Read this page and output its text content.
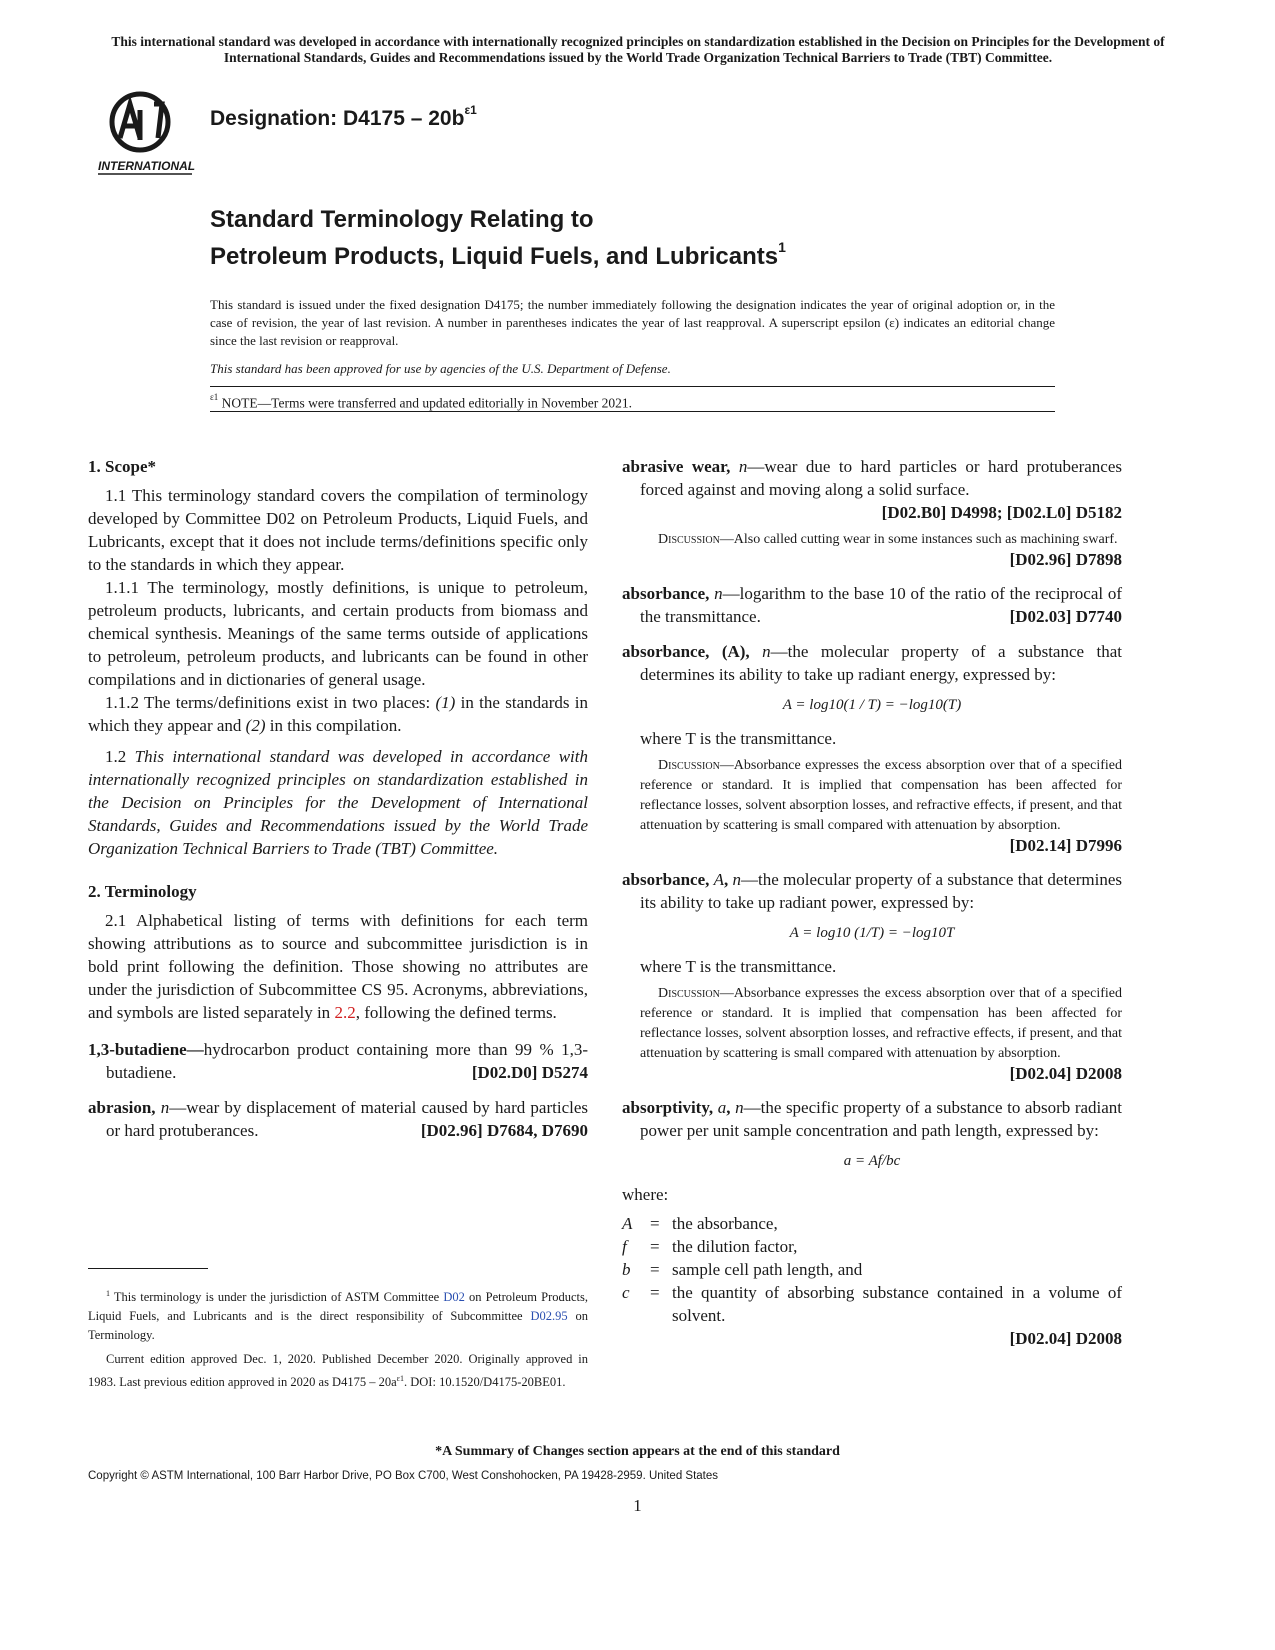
This international standard was developed in accordance with internationally recognized principles on standardization established in the Decision on Principles for the Development of International Standards, Guides and Recommendations issued by the World Trade Organization Technical Barriers to Trade (TBT) Committee.
INTERNATIONAL
Designation: $D4175 - 20b^{\varepsilon 1}$
Standard Terminology Relating to
Petroleum Products, Liquid Fuels, and Lubricants$^1$
This standard is issued under the fixed designation D4175; the number immediately following the designation indicates the year of original adoption or, in the case of revision, the year of last revision. A number in parentheses indicates the year of last reapproval. A superscript epsilon (ε) indicates an editorial change since the last revision or reapproval.
This standard has been approved for use by agencies of the U.S. Department of Defense.
$^{\varepsilon 1}$ NOTE—Terms were transferred and updated editorially in November 2021.
1. Scope*

1.1 This terminology standard covers the compilation of terminology developed by Committee D02 on Petroleum Products, Liquid Fuels, and Lubricants, except that it does not include terms/definitions specific only to the standards in which they appear.

1.1.1 The terminology, mostly definitions, is unique to petroleum, petroleum products, lubricants, and certain products from biomass and chemical synthesis. Meanings of the same terms outside of applications to petroleum, petroleum products, and lubricants can be found in other compilations and in dictionaries of general usage.

1.1.2 The terms/definitions exist in two places: (1) in the standards in which they appear and (2) in this compilation.

1.2 This international standard was developed in accordance with internationally recognized principles on standardization established in the Decision on Principles for the Development of International Standards, Guides and Recommendations issued by the World Trade Organization Technical Barriers to Trade (TBT) Committee.

2. Terminology

2.1 Alphabetical listing of terms with definitions for each term showing attributions as to source and subcommittee jurisdiction is in bold print following the definition. Those showing no attributes are under the jurisdiction of Subcommittee CS 95. Acronyms, abbreviations, and symbols are listed separately in 2.2, following the defined terms.

1,3-butadiene—hydrocarbon product containing more than 99 % 1,3-butadiene.	[D02.D0] D5274
abrasion, n—wear by displacement of material caused by hard particles or hard protuberances.	[D02.96] D7684, D7690

$^1$ This terminology is under the jurisdiction of ASTM Committee D02 on Petroleum Products, Liquid Fuels, and Lubricants and is the direct responsibility of Subcommittee D02.95 on Terminology.

Current edition approved Dec. 1, 2020. Published December 2020. Originally approved in 1983. Last previous edition approved in 2020 as $D4175 - 20a^{\varepsilon 1}$. DOI: 10.1520/D4175-20BE01.

abrasive wear, n—wear due to hard particles or hard protuberances forced against and moving along a solid surface.
[D02.B0] D4998; [D02.L0] D5182
Discussion—Also called cutting wear in some instances such as machining swarf.
[D02.96] D7898
absorbance, n—logarithm to the base 10 of the ratio of the reciprocal of the transmittance.	[D02.03] D7740
absorbance, (A), n—the molecular property of a substance that determines its ability to take up radiant energy, expressed by:
A = log10(1 / T) = −log10(T)
where T is the transmittance.
Discussion—Absorbance expresses the excess absorption over that of a specified reference or standard. It is implied that compensation has been affected for reflectance losses, solvent absorption losses, and refractive effects, if present, and that attenuation by scattering is small compared with attenuation by absorption.
[D02.14] D7996
absorbance, A, n—the molecular property of a substance that determines its ability to take up radiant power, expressed by:
A = log10 (1/T) = −log10T
where T is the transmittance.
Discussion—Absorbance expresses the excess absorption over that of a specified reference or standard. It is implied that compensation has been affected for reflectance losses, solvent absorption losses, and refractive effects, if present, and that attenuation by scattering is small compared with attenuation by absorption.
[D02.04] D2008
absorptivity, a, n—the specific property of a substance to absorb radiant power per unit sample concentration and path length, expressed by:
a = Af/bc
where:
A	= the absorbance,
f	= the dilution factor,
b	= sample cell path length, and
c	= the quantity of absorbing substance contained in a volume of solvent.
[D02.04] D2008
*A Summary of Changes section appears at the end of this standard
Copyright © ASTM International, 100 Barr Harbor Drive, PO Box C700, West Conshohocken, PA 19428-2959. United States
1
